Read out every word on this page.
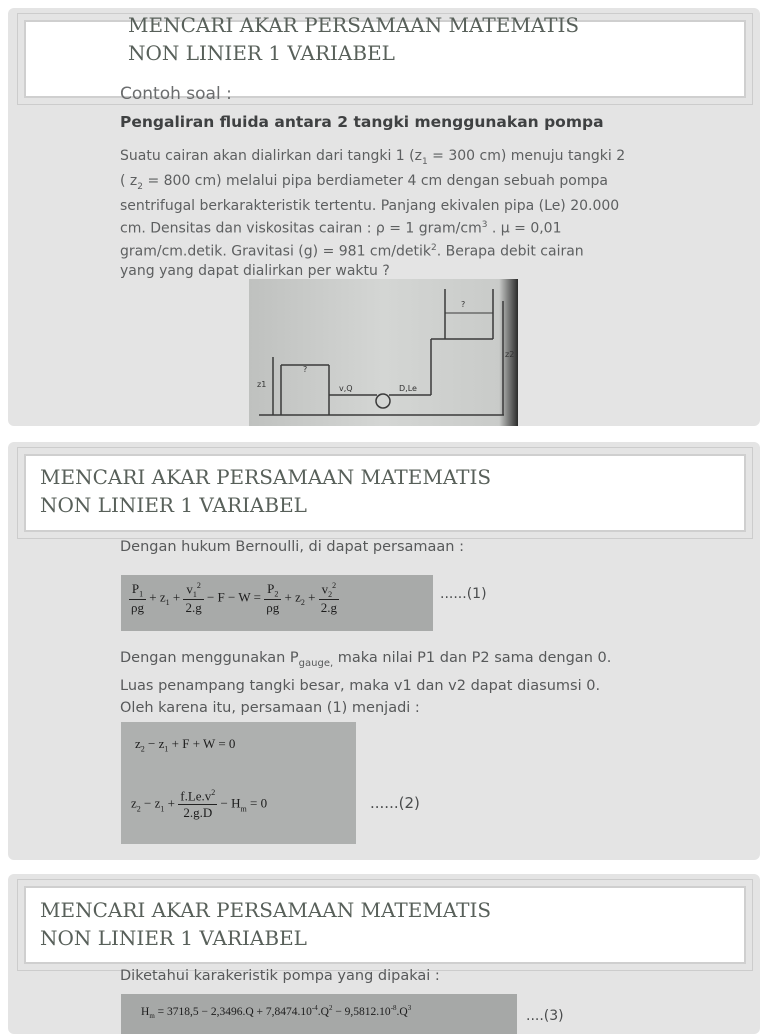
MENCARI AKAR PERSAMAAN MATEMATIS

NON LINIER 1 VARIABEL

Contoh soal :

Pengaliran fluida antara 2 tangki menggunakan pompa

Suatu cairan akan dialirkan dari tangki 1 ($z_1 = 300$ cm) menuju tangki 2
( $z_2 = 800$ cm) melalui pipa berdiameter 4 cm dengan sebuah pompa
sentrifugal berkarakteristik tertentu. Panjang ekivalen pipa (Le) 20.000
cm. Densitas dan viskositas cairan : ρ = 1 gram/$cm^3$ . μ = 0,01
gram/cm.detik. Gravitasi (g) = 981 cm/detik$^2$. Berapa debit cairan
yang yang dapat dialirkan per waktu ?
z1
z2
v,Q	D,Le
?
?

MENCARI AKAR PERSAMAAN MATEMATIS

NON LINIER 1 VARIABEL

Dengan hukum Bernoulli, di dapat persamaan :

$\frac{P_1}{\rho g} + z_1 + \frac{v_1^2}{2.g} - F - W = \frac{P_2}{\rho g} + z_2 + \frac{v_2^2}{2.g}$	......(1)
Dengan menggunakan $P_{gauge,}$ maka nilai P1 dan P2 sama dengan 0.
Luas penampang tangki besar, maka v1 dan v2 dapat diasumsi 0.
Oleh karena itu, persamaan (1) menjadi :
$z_2 - z_1 + F + W = 0$
$z_2 - z_1 + \frac{f.Le.v^2}{2.g.D} - H_m = 0$	......(2)

MENCARI AKAR PERSAMAAN MATEMATIS

NON LINIER 1 VARIABEL

Diketahui karakeristik pompa yang dipakai :

$H_m = 3718,5 - 2,3496.Q + 7,8474.10^{-4}.Q^2 - 9,5812.10^{-8}.Q^3$	....(3)
